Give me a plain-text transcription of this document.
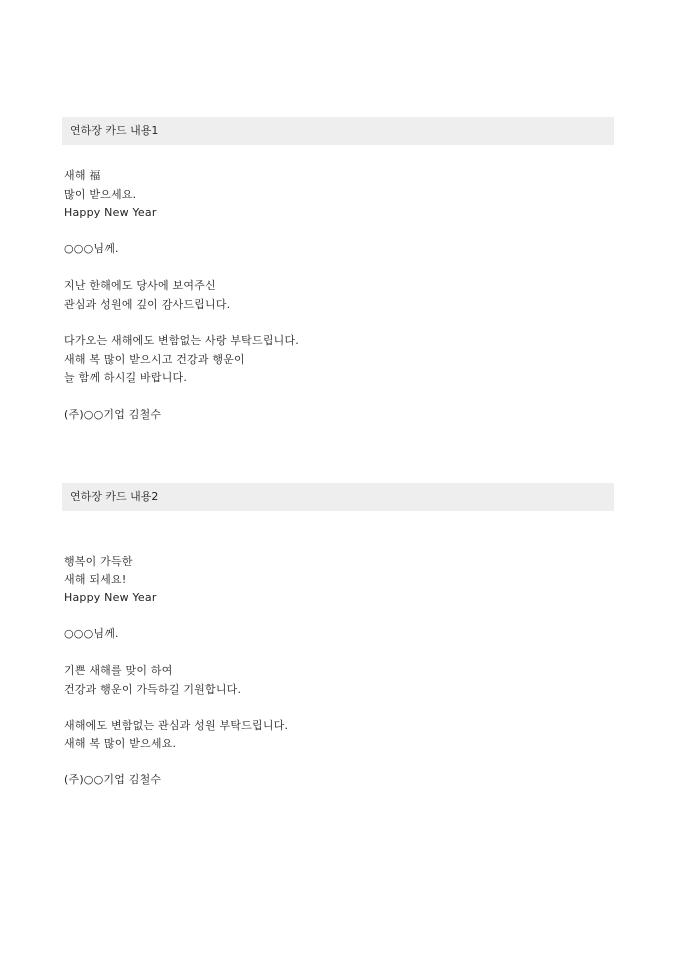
연하장 카드 내용1
새해 福
많이 받으세요.
Happy New Year
○○○님께.
지난 한해에도 당사에 보여주신
관심과 성원에 깊이 감사드립니다.
다가오는 새해에도 변함없는 사랑 부탁드립니다.
새해 복 많이 받으시고 건강과 행운이
늘 함께 하시길 바랍니다.
(주)○○기업 김철수
연하장 카드 내용2
행복이 가득한
새해 되세요!
Happy New Year
○○○님께.
기쁜 새해를 맞이 하여
건강과 행운이 가득하길 기원합니다.
새해에도 변함없는 관심과 성원 부탁드립니다.
새해 복 많이 받으세요.
(주)○○기업 김철수
